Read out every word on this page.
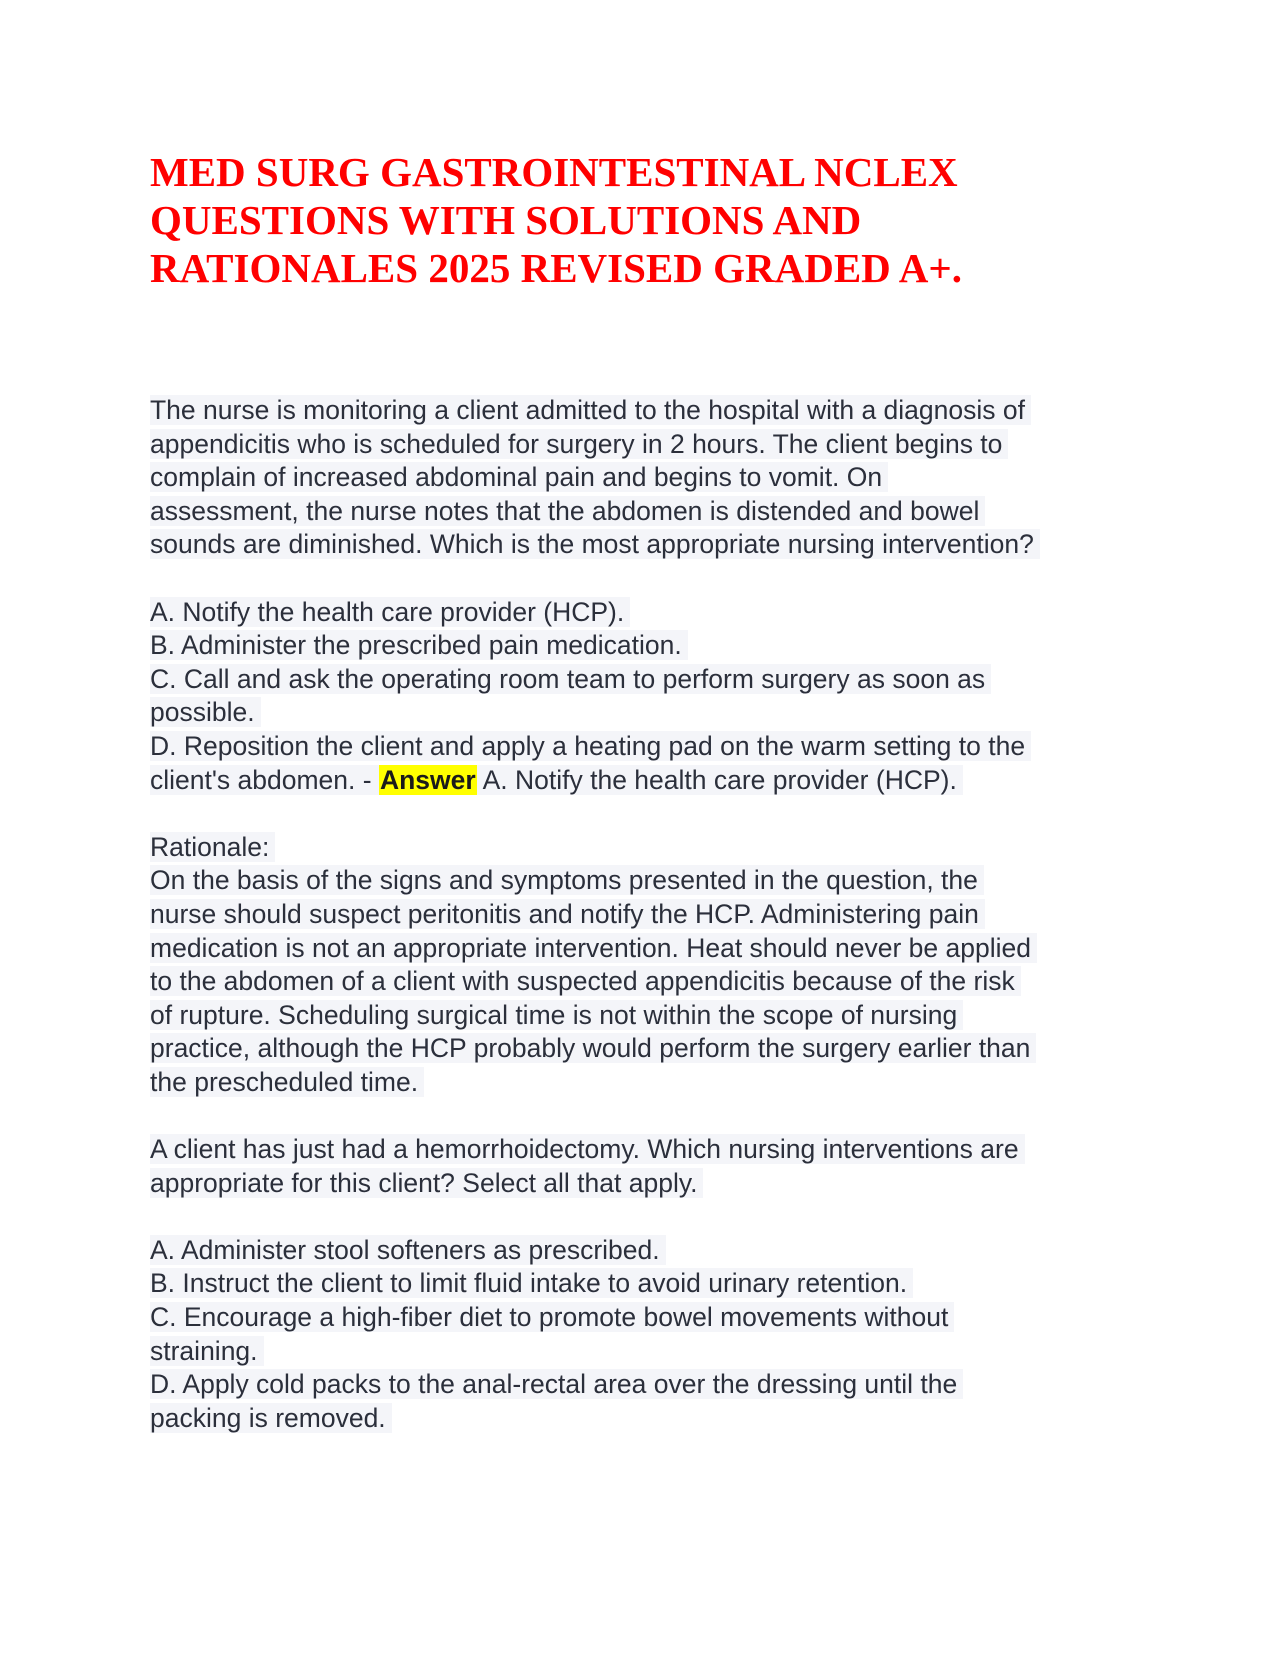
MED SURG GASTROINTESTINAL NCLEX
QUESTIONS WITH SOLUTIONS AND
RATIONALES 2025 REVISED GRADED A+.
The nurse is monitoring a client admitted to the hospital with a diagnosis of
appendicitis who is scheduled for surgery in 2 hours. The client begins to
complain of increased abdominal pain and begins to vomit. On
assessment, the nurse notes that the abdomen is distended and bowel
sounds are diminished. Which is the most appropriate nursing intervention?
A. Notify the health care provider (HCP).
B. Administer the prescribed pain medication.
C. Call and ask the operating room team to perform surgery as soon as
possible.
D. Reposition the client and apply a heating pad on the warm setting to the
client's abdomen. - Answer A. Notify the health care provider (HCP).
Rationale:
On the basis of the signs and symptoms presented in the question, the
nurse should suspect peritonitis and notify the HCP. Administering pain
medication is not an appropriate intervention. Heat should never be applied
to the abdomen of a client with suspected appendicitis because of the risk
of rupture. Scheduling surgical time is not within the scope of nursing
practice, although the HCP probably would perform the surgery earlier than
the prescheduled time.
A client has just had a hemorrhoidectomy. Which nursing interventions are
appropriate for this client? Select all that apply.
A. Administer stool softeners as prescribed.
B. Instruct the client to limit fluid intake to avoid urinary retention.
C. Encourage a high-fiber diet to promote bowel movements without
straining.
D. Apply cold packs to the anal-rectal area over the dressing until the
packing is removed.
